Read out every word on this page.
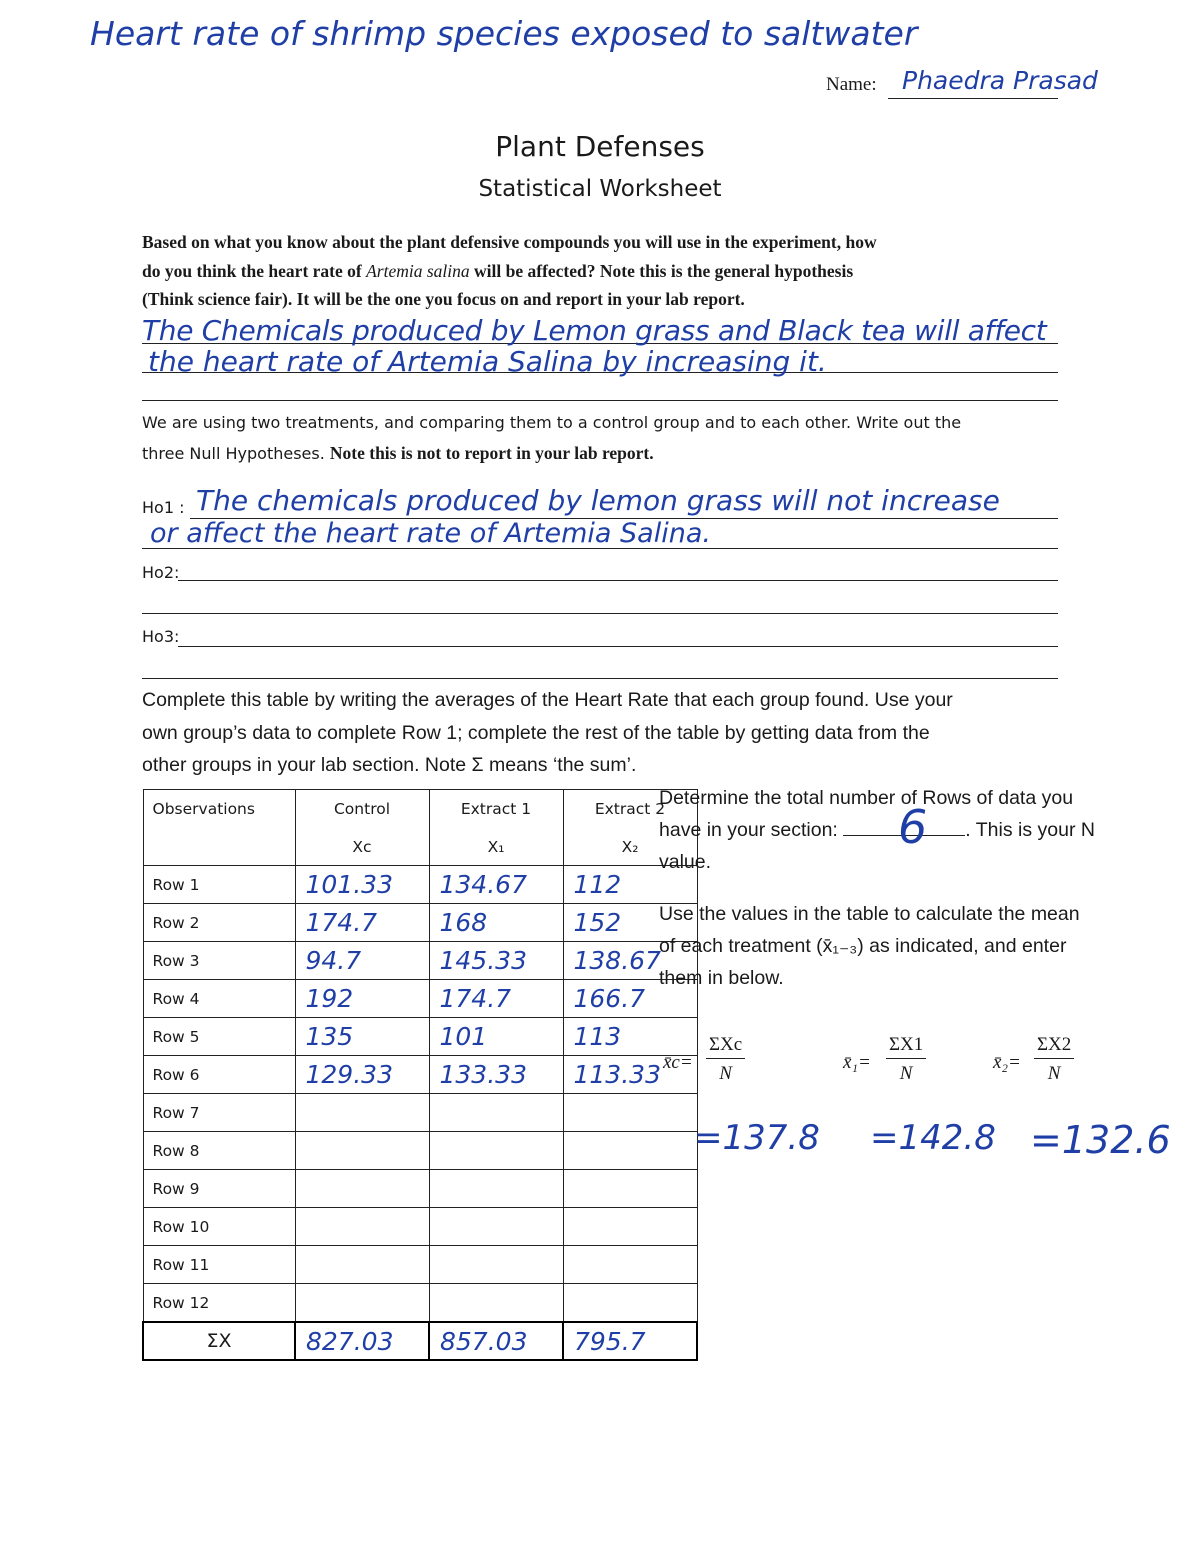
Heart rate of shrimp species exposed to saltwater
Name: Phaedra Prasad
Plant Defenses
Statistical Worksheet
Based on what you know about the plant defensive compounds you will use in the experiment, how
do you think the heart rate of Artemia salina will be affected? Note this is the general hypothesis
(Think science fair). It will be the one you focus on and report in your lab report.
The Chemicals produced by Lemon grass and Black tea will affect
the heart rate of Artemia Salina by increasing it.
We are using two treatments, and comparing them to a control group and to each other. Write out the
three Null Hypotheses. Note this is not to report in your lab report.
Ho1 : The chemicals produced by lemon grass will not increase
or affect the heart rate of Artemia Salina.
Ho2:
Ho3:
Complete this table by writing the averages of the Heart Rate that each group found. Use your
own group’s data to complete Row 1; complete the rest of the table by getting data from the
other groups in your lab section. Note Σ means ‘the sum’.
Observations	Control	Extract 1	Extract 2
	Xc	X₁	X₂
Row 1	101.33	134.67	112
Row 2	174.7	168	152
Row 3	94.7	145.33	138.67
Row 4	192	174.7	166.7
Row 5	135	101	113
Row 6	129.33	133.33	113.33
Row 7			
Row 8			
Row 9			
Row 10			
Row 11			
Row 12			
ΣX	827.03	857.03	795.7
Determine the total number of Rows of data you
have in your section:	. This is your N
value.
6
Use the values in the table to calculate the mean
of each treatment (x̄₁₋₃) as indicated, and enter
them in below.
x̄c=
ΣXc
N
x̄₁= $\frac{\Sigma X1}{N}$	x̄₂= $\frac{\Sigma X2}{N}$
=137.8 =142.8 =132.6
